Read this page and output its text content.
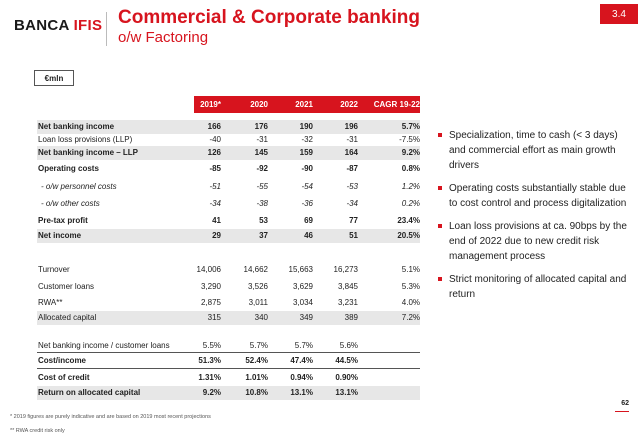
BANCA IFIS Commercial & Corporate banking
o/w Factoring
3.4
€mln
2019*	2020	2021	2022	CAGR 19-22
Net banking income	166	176	190	196	5.7%
Loan loss provisions (LLP)	-40	-31	-32	-31	-7.5%
Net banking income – LLP	126	145	159	164	9.2%
Operating costs	-85	-92	-90	-87	0.8%
- o/w personnel costs	-51	-55	-54	-53	1.2%
- o/w other costs	-34	-38	-36	-34	0.2%
Pre-tax profit	41	53	69	77	23.4%
Net income	29	37	46	51	20.5%
Turnover	14,006	14,662	15,663	16,273	5.1%
Customer loans	3,290	3,526	3,629	3,845	5.3%
RWA**	2,875	3,011	3,034	3,231	4.0%
Allocated capital	315	340	349	389	7.2%
Net banking income / customer loans	5.5%	5.7%	5.7%	5.6%
Cost/income	51.3%	52.4%	47.4%	44.5%
Cost of credit	1.31%	1.01%	0.94%	0.90%
Return on allocated capital	9.2%	10.8%	13.1%	13.1%
Specialization, time to cash (< 3 days) and commercial effort as main growth drivers
Operating costs substantially stable due to cost control and process digitalization
Loan loss provisions at ca. 90bps by the end of 2022 due to new credit risk management process
Strict monitoring of allocated capital and return
* 2019 figures are purely indicative and are based on 2019 most recent projections
** RWA credit risk only
62
